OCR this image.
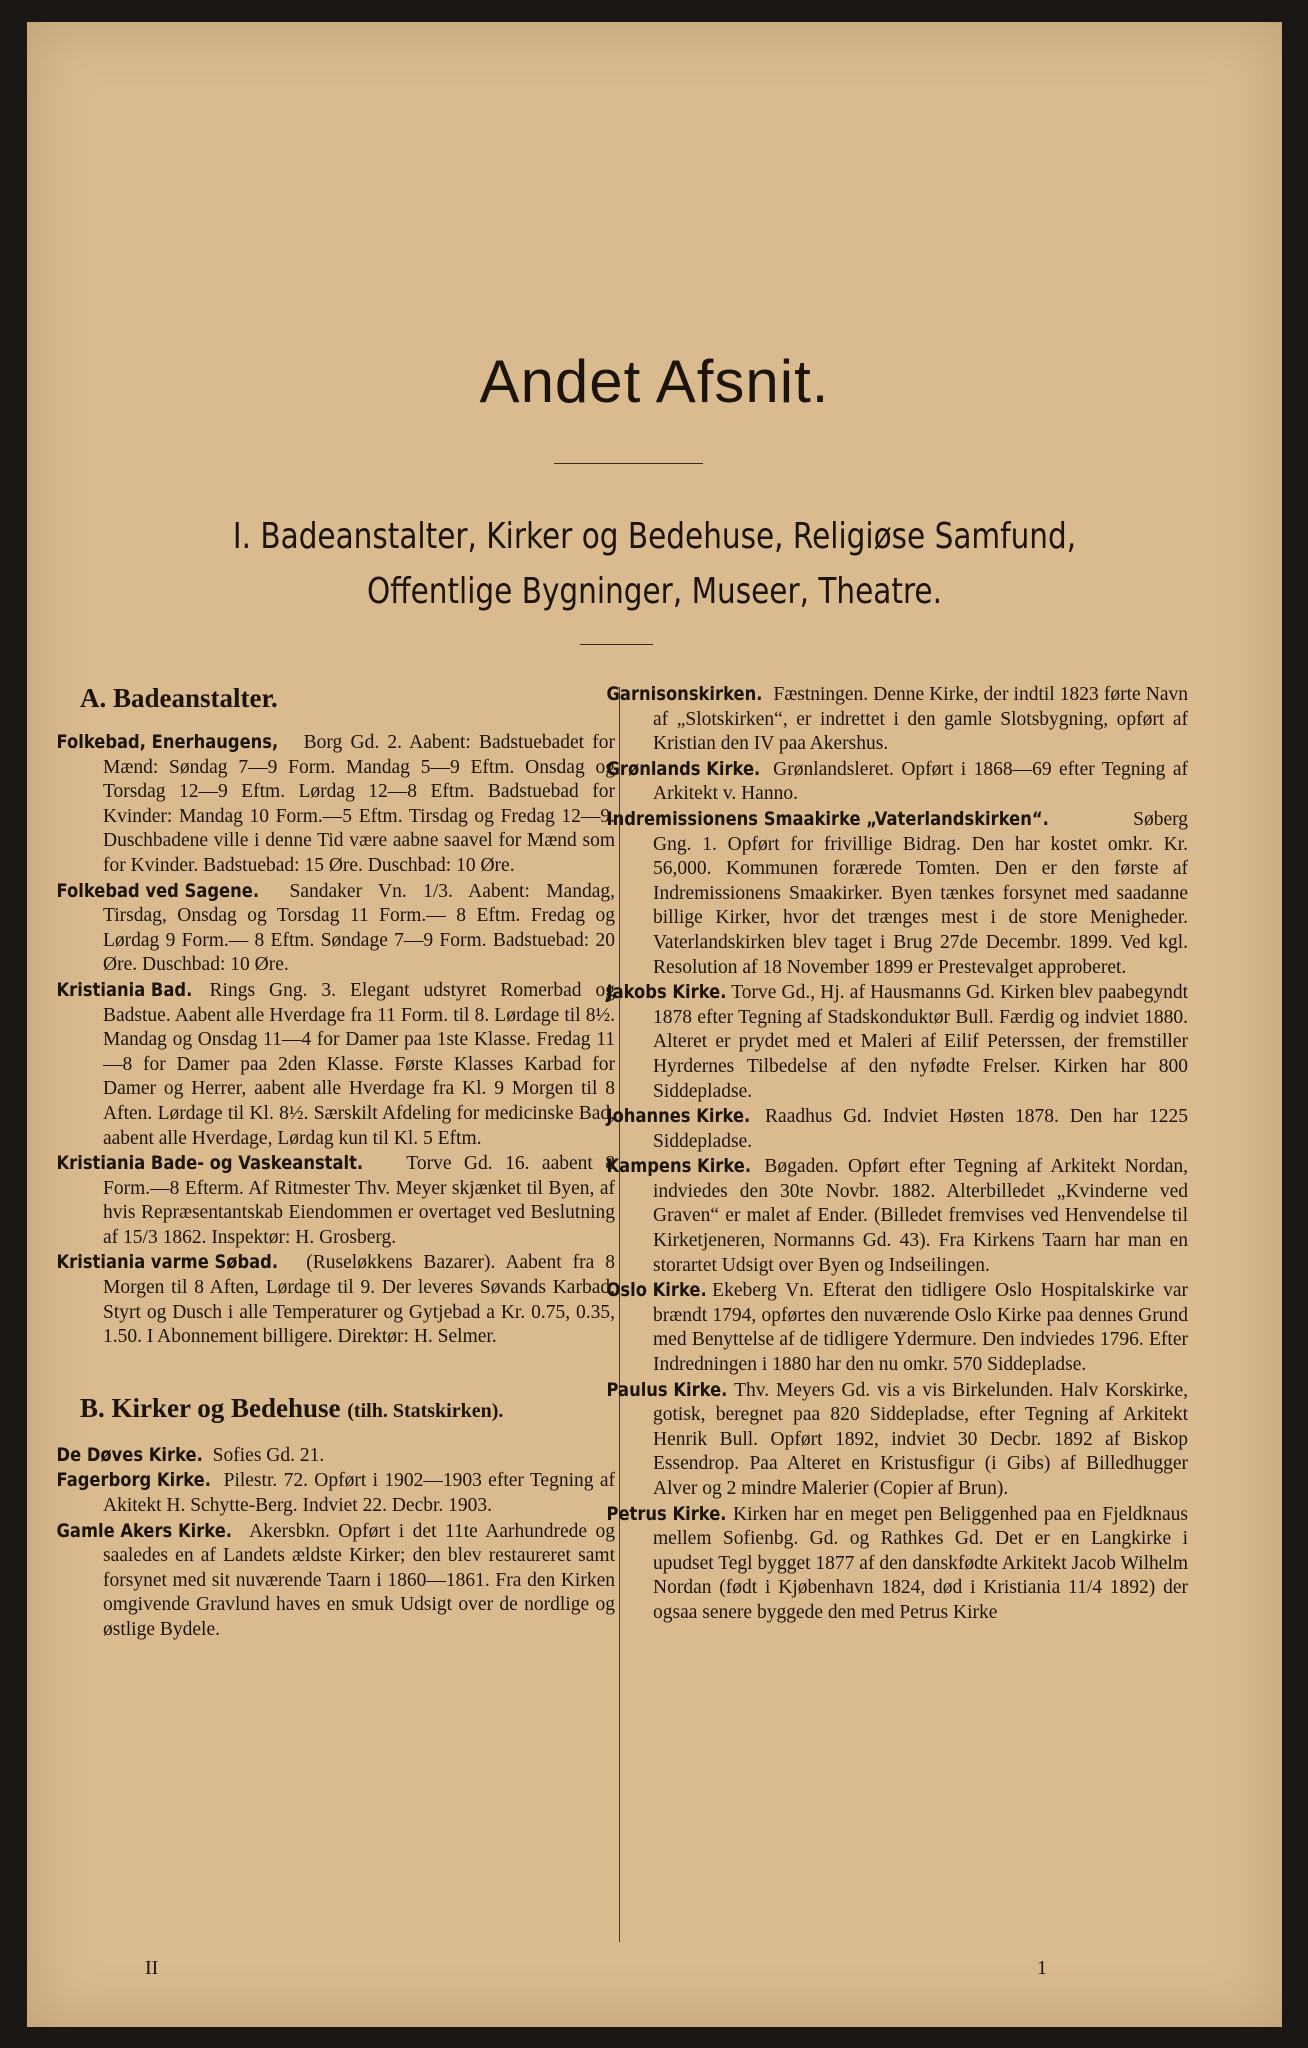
Andet Afsnit.
I. Badeanstalter, Kirker og Bedehuse, Religiøse Samfund,
Offentlige Bygninger, Museer, Theatre.
A. Badeanstalter.

Folkebad, Enerhaugens, Borg Gd. 2. Aabent: Badstuebadet for Mænd: Søndag 7—9 Form. Mandag 5—9 Eftm. Onsdag og Torsdag 12—9 Eftm. Lørdag 12—8 Eftm. Badstuebad for Kvinder: Mandag 10 Form.—5 Eftm. Tirsdag og Fredag 12—9. Duschbadene ville i denne Tid være aabne saavel for Mænd som for Kvinder. Badstuebad: 15 Øre. Duschbad: 10 Øre.

Folkebad ved Sagene. Sandaker Vn. 1/3. Aabent: Mandag, Tirsdag, Onsdag og Torsdag 11 Form.— 8 Eftm. Fredag og Lørdag 9 Form.— 8 Eftm. Søndage 7—9 Form. Badstuebad: 20 Øre. Duschbad: 10 Øre.

Kristiania Bad. Rings Gng. 3. Elegant udstyret Romerbad og Badstue. Aabent alle Hverdage fra 11 Form. til 8. Lørdage til 8½. Mandag og Onsdag 11—4 for Damer paa 1ste Klasse. Fredag 11—8 for Damer paa 2den Klasse. Første Klasses Karbad for Damer og Herrer, aabent alle Hverdage fra Kl. 9 Morgen til 8 Aften. Lørdage til Kl. 8½. Særskilt Afdeling for medicinske Bad, aabent alle Hverdage, Lørdag kun til Kl. 5 Eftm.

Kristiania Bade- og Vaskeanstalt. Torve Gd. 16. aabent 8 Form.—8 Efterm. Af Ritmester Thv. Meyer skjænket til Byen, af hvis Repræsentantskab Eiendommen er overtaget ved Beslutning af 15/3 1862. Inspektør: H. Grosberg.

Kristiania varme Søbad. (Ruseløkkens Bazarer). Aabent fra 8 Morgen til 8 Aften, Lørdage til 9. Der leveres Søvands Karbad, Styrt og Dusch i alle Temperaturer og Gytjebad a Kr. 0.75, 0.35, 1.50. I Abonnement billigere. Direktør: H. Selmer.

B. Kirker og Bedehuse (tilh. Statskirken).

De Døves Kirke. Sofies Gd. 21.

Fagerborg Kirke. Pilestr. 72. Opført i 1902—1903 efter Tegning af Akitekt H. Schytte-Berg. Indviet 22. Decbr. 1903.

Gamle Akers Kirke. Akersbkn. Opført i det 11te Aarhundrede og saaledes en af Landets ældste Kirker; den blev restaureret samt forsynet med sit nuværende Taarn i 1860—1861. Fra den Kirken omgivende Gravlund haves en smuk Udsigt over de nordlige og østlige Bydele.

Garnisonskirken. Fæstningen. Denne Kirke, der indtil 1823 førte Navn af „Slotskirken“, er indrettet i den gamle Slotsbygning, opført af Kristian den IV paa Akershus.

Grønlands Kirke. Grønlandsleret. Opført i 1868—69 efter Tegning af Arkitekt v. Hanno.

Indremissionens Smaakirke „Vaterlandskirken“.	Søberg Gng. 1. Opført for frivillige Bidrag. Den har kostet omkr. Kr. 56,000. Kommunen forærede Tomten. Den er den første af Indremissionens Smaakirker. Byen tænkes forsynet med saadanne billige Kirker, hvor det trænges mest i de store Menigheder. Vaterlandskirken blev taget i Brug 27de Decembr. 1899. Ved kgl. Resolution af 18 November 1899 er Prestevalget approberet.

Jakobs Kirke. Torve Gd., Hj. af Hausmanns Gd. Kirken blev paabegyndt 1878 efter Tegning af Stadskonduktør Bull. Færdig og indviet 1880. Alteret er prydet med et Maleri af Eilif Peterssen, der fremstiller Hyrdernes Tilbedelse af den nyfødte Frelser. Kirken har 800 Siddepladse.

Johannes Kirke. Raadhus Gd. Indviet Høsten 1878. Den har 1225 Siddepladse.

Kampens Kirke. Bøgaden. Opført efter Tegning af Arkitekt Nordan, indviedes den 30te Novbr. 1882. Alterbilledet „Kvinderne ved Graven“ er malet af Ender. (Billedet fremvises ved Henvendelse til Kirketjeneren, Normanns Gd. 43). Fra Kirkens Taarn har man en storartet Udsigt over Byen og Indseilingen.

Oslo Kirke. Ekeberg Vn. Efterat den tidligere Oslo Hospitalskirke var brændt 1794, opførtes den nuværende Oslo Kirke paa dennes Grund med Benyttelse af de tidligere Ydermure. Den indviedes 1796. Efter Indredningen i 1880 har den nu omkr. 570 Siddepladse.

Paulus Kirke. Thv. Meyers Gd. vis a vis Birkelunden. Halv Korskirke, gotisk, beregnet paa 820 Siddepladse, efter Tegning af Arkitekt Henrik Bull. Opført 1892, indviet 30 Decbr. 1892 af Biskop Essendrop. Paa Alteret en Kristusfigur (i Gibs) af Billedhugger Alver og 2 mindre Malerier (Copier af Brun).

Petrus Kirke. Kirken har en meget pen Beliggenhed paa en Fjeldknaus mellem Sofienbg. Gd. og Rathkes Gd. Det er en Langkirke i upudset Tegl bygget 1877 af den danskfødte Arkitekt Jacob Wilhelm Nordan (født i Kjøbenhavn 1824, død i Kristiania 11/4 1892) der ogsaa senere byggede den med Petrus Kirke

II	1
